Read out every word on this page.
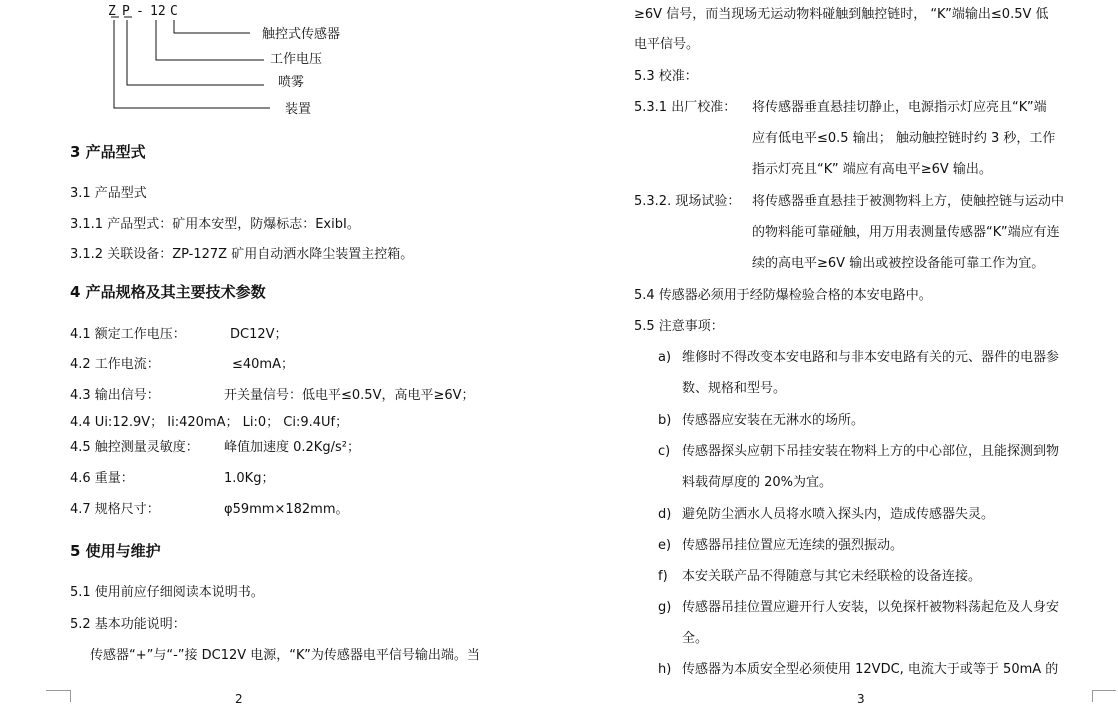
Z P - 12 C
触控式传感器
工作电压
喷雾
装置
3 产品型式
3.1 产品型式
3.1.1 产品型式：矿用本安型，防爆标志：ExibI。
3.1.2 关联设备：ZP-127Z 矿用自动洒水降尘装置主控箱。
4 产品规格及其主要技术参数
4.1 额定工作电压：	DC12V；
4.2 工作电流：	≤40mA；
4.3 输出信号：	开关量信号：低电平≤0.5V，高电平≥6V；
4.4 Ui:12.9V； Ii:420mA； Li:0； Ci:9.4Uf；
4.5 触控测量灵敏度： 峰值加速度 0.2Kg/s²；
4.6 重量：	1.0Kg；
4.7 规格尺寸：	φ59mm×182mm。
5 使用与维护
5.1 使用前应仔细阅读本说明书。
5.2 基本功能说明：
传感器“+”与“-”接 DC12V 电源，“K”为传感器电平信号输出端。当
≥6V 信号，而当现场无运动物料碰触到触控链时， “K”端输出≤0.5V 低
电平信号。
5.3 校准：
5.3.1 出厂校准： 将传感器垂直悬挂切静止，电源指示灯应亮且“K”端
应有低电平≤0.5 输出； 触动触控链时约 3 秒，工作
指示灯亮且“K” 端应有高电平≥6V 输出。
5.3.2. 现场试验： 将传感器垂直悬挂于被测物料上方，使触控链与运动中
的物料能可靠碰触，用万用表测量传感器“K”端应有连
续的高电平≥6V 输出或被控设备能可靠工作为宜。
5.4 传感器必须用于经防爆检验合格的本安电路中。
5.5 注意事项：
a) 维修时不得改变本安电路和与非本安电路有关的元、器件的电器参
数、规格和型号。
b) 传感器应安装在无淋水的场所。
c) 传感器探头应朝下吊挂安装在物料上方的中心部位，且能探测到物
料载荷厚度的 20%为宜。
d) 避免防尘洒水人员将水喷入探头内，造成传感器失灵。
e) 传感器吊挂位置应无连续的强烈振动。
f) 本安关联产品不得随意与其它未经联检的设备连接。
g) 传感器吊挂位置应避开行人安装，以免探杆被物料荡起危及人身安
全。
h) 传感器为本质安全型必须使用 12VDC, 电流大于或等于 50mA 的
2	3
